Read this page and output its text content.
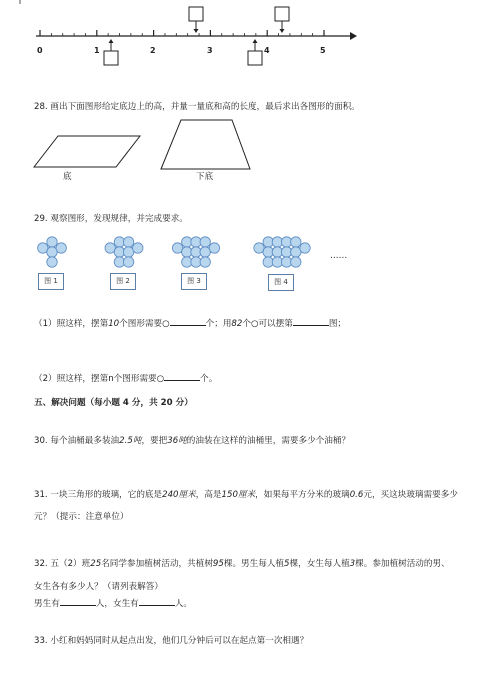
0	1	2	3	4	5
28. 画出下面图形给定底边上的高，并量一量底和高的长度，最后求出各图形的面积。
底	下底
29. 观察图形，发现规律，并完成要求。
图 1	图 2	图 3	图 4
……
（1）照这样，摆第10个图形需要○	个；用82个○可以摆第	图；
（2）照这样，摆第n个图形需要○	个。
五、解决问题（每小题 4 分，共 20 分）
30. 每个油桶最多装油2.5吨，要把36吨的油装在这样的油桶里，需要多少个油桶？
31. 一块三角形的玻璃，它的底是240厘米，高是150厘米，如果每平方分米的玻璃0.6元，买这块玻璃需要多少
元？（提示：注意单位）
32. 五（2）班25名同学参加植树活动，共植树95棵。男生每人植5棵，女生每人植3棵。参加植树活动的男、
女生各有多少人？（请列表解答）
男生有	人，女生有	人。
33. 小红和妈妈同时从起点出发，他们几分钟后可以在起点第一次相遇？
